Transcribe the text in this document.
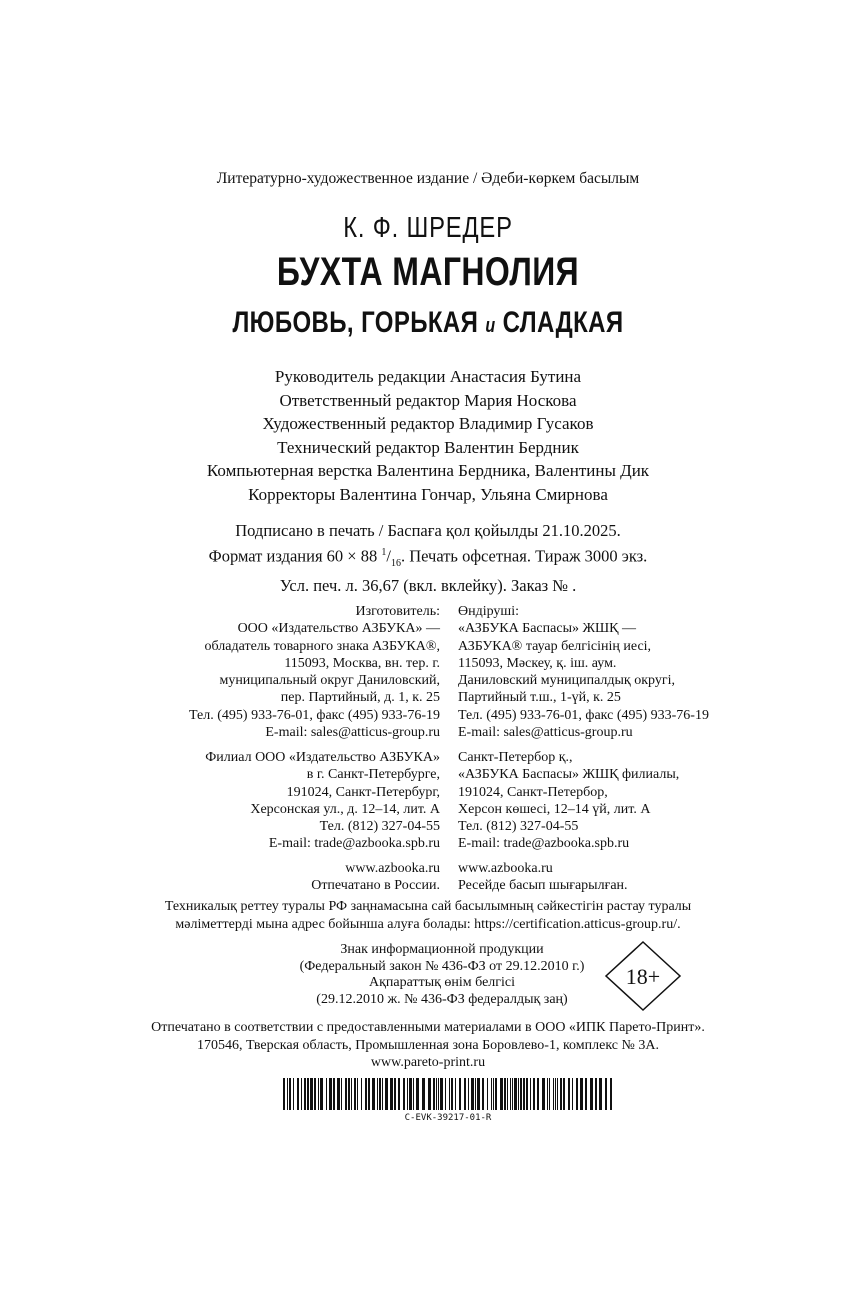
Литературно-художественное издание / Әдеби-көркем басылым
К. Ф. ШРЕДЕР
БУХТА МАГНОЛИЯ
ЛЮБОВЬ, ГОРЬКАЯ и СЛАДКАЯ
Руководитель редакции Анастасия Бутина
Ответственный редактор Мария Носкова
Художественный редактор Владимир Гусаков
Технический редактор Валентин Бердник
Компьютерная верстка Валентина Бердника, Валентины Дик
Корректоры Валентина Гончар, Ульяна Смирнова
Подписано в печать / Баспаға қол қойылды 21.10.2025.
Формат издания 60 × 88 $^1/_{16}$. Печать офсетная. Тираж 3000 экз.
Усл. печ. л. 36,67 (вкл. вклейку). Заказ № .
Изготовитель:
ООО «Издательство АЗБУКА» —
обладатель товарного знака АЗБУКА®,
115093, Москва, вн. тер. г.
муниципальный округ Даниловский,
пер. Партийный, д. 1, к. 25
Тел. (495) 933-76-01, факс (495) 933-76-19
E-mail: sales@atticus-group.ru
Өндіруші:
«АЗБУКА Баспасы» ЖШҚ —
АЗБУКА® тауар белгісінің иесі,
115093, Мәскеу, қ. іш. аум.
Даниловский муниципалдық округі,
Партийный т.ш., 1-үй, к. 25
Тел. (495) 933-76-01, факс (495) 933-76-19
E-mail: sales@atticus-group.ru
Филиал ООО «Издательство АЗБУКА»
в г. Санкт-Петербурге,
191024, Санкт-Петербург,
Херсонская ул., д. 12–14, лит. А
Тел. (812) 327-04-55
E-mail: trade@azbooka.spb.ru
Санкт-Петербор қ.,
«АЗБУКА Баспасы» ЖШҚ филиалы,
191024, Санкт-Петербор,
Херсон көшесі, 12–14 үй, лит. А
Тел. (812) 327-04-55
E-mail: trade@azbooka.spb.ru
www.azbooka.ru
Отпечатано в России.
www.azbooka.ru
Ресейде басып шығарылған.
Техникалық реттеу туралы РФ заңнамасына сай басылымның сәйкестігін растау туралы
мәліметтерді мына адрес бойынша алуға болады: https://certification.atticus-group.ru/.
Знак информационной продукции
(Федеральный закон № 436-ФЗ от 29.12.2010 г.)
Ақпараттық өнім белгісі
(29.12.2010 ж. № 436-ФЗ федералдық заң)
18+
Отпечатано в соответствии с предоставленными материалами в ООО «ИПК Парето-Принт».
170546, Тверская область, Промышленная зона Боровлево-1, комплекс № 3А.
www.pareto-print.ru
C-EVK-39217-01-R
